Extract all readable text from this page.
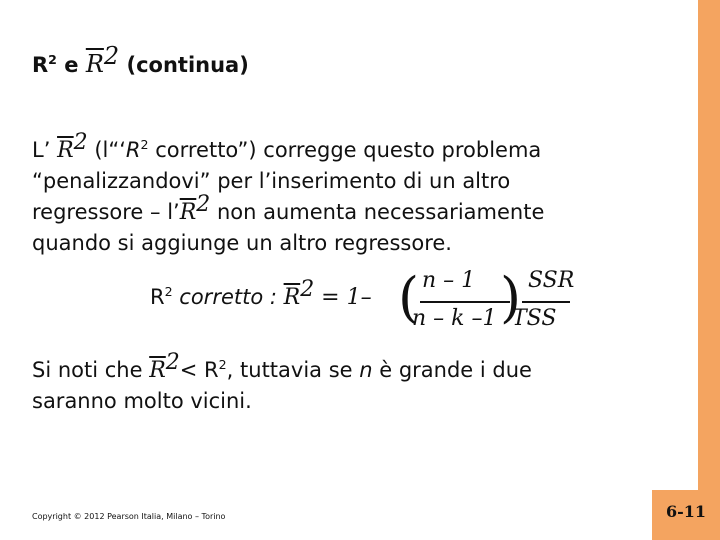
$R^2$ e $\overline{R}^2$ (continua)
L’ $\overline{R}^2$ ($l“‘R^2$ corretto”) corregge questo problema
“penalizzandovi” per l’inserimento di un altro
regressore – $l’\overline{R}^2$ non aumenta necessariamente
quando si aggiunge un altro regressore.
$R^2$ corretto : $\overline{R}^2 = 1-$ ( n – 1
n – k –1 ) SSR
TSS
Si noti che $\overline{R}^2< R^2$, tuttavia se n è grande i due
saranno molto vicini.
Copyright © 2012 Pearson Italia, Milano – Torino	6-11
